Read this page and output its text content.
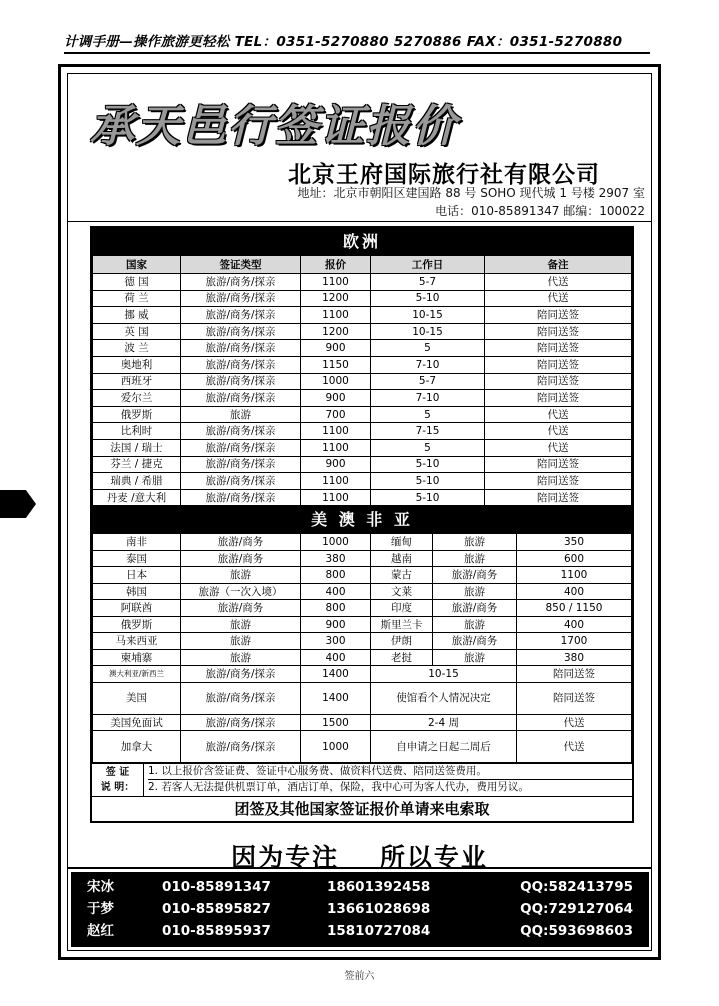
计调手册—操作旅游更轻松 TEL：0351-5270880 5270886 FAX：0351-5270880
承天邑行签证报价
北京王府国际旅行社有限公司
地址：北京市朝阳区建国路 88 号 SOHO 现代城 1 号楼 2907 室
电话：010-85891347 邮编：100022
欧洲
国家	签证类型	报价	工作日	备注
德 国	旅游/商务/探亲	1100	5-7	代送
荷 兰	旅游/商务/探亲	1200	5-10	代送
挪 威	旅游/商务/探亲	1100	10-15	陪同送签
英 国	旅游/商务/探亲	1200	10-15	陪同送签
波 兰	旅游/商务/探亲	900	5	陪同送签
奥地利	旅游/商务/探亲	1150	7-10	陪同送签
西班牙	旅游/商务/探亲	1000	5-7	陪同送签
爱尔兰	旅游/商务/探亲	900	7-10	陪同送签
俄罗斯	旅游	700	5	代送
比利时	旅游/商务/探亲	1100	7-15	代送
法国 / 瑞士	旅游/商务/探亲	1100	5	代送
芬兰 / 捷克	旅游/商务/探亲	900	5-10	陪同送签
瑞典 / 希腊	旅游/商务/探亲	1100	5-10	陪同送签
丹麦 /意大利	旅游/商务/探亲	1100	5-10	陪同送签
美 澳 非 亚
南非	旅游/商务	1000	缅甸	旅游	350
泰国	旅游/商务	380	越南	旅游	600
日本	旅游	800	蒙古	旅游/商务	1100
韩国	旅游（一次入境）	400	文莱	旅游	400
阿联酋	旅游/商务	800	印度	旅游/商务	850 / 1150
俄罗斯	旅游	900	斯里兰卡	旅游	400
马来西亚	旅游	300	伊朗	旅游/商务	1700
柬埔寨	旅游	400	老挝	旅游	380
澳大利亚/新西兰	旅游/商务/探亲	1400	10-15		陪同送签
美国	旅游/商务/探亲	1400	使馆看个人情况决定		陪同送签
美国免面试	旅游/商务/探亲	1500	2-4 周		代送
加拿大	旅游/商务/探亲	1000	自申请之日起二周后		代送
签 证
说 明：
1. 以上报价含签证费、签证中心服务费、做资料代送费、陪同送签费用。
2. 若客人无法提供机票订单，酒店订单，保险，我中心可为客人代办，费用另议。
团签及其他国家签证报价单请来电索取
因为专注 所以专业
宋冰	010-85891347	18601392458	QQ:582413795
于梦	010-85895827	13661028698	QQ:729127064
赵红	010-85895937	15810727084	QQ:593698603
签前六
